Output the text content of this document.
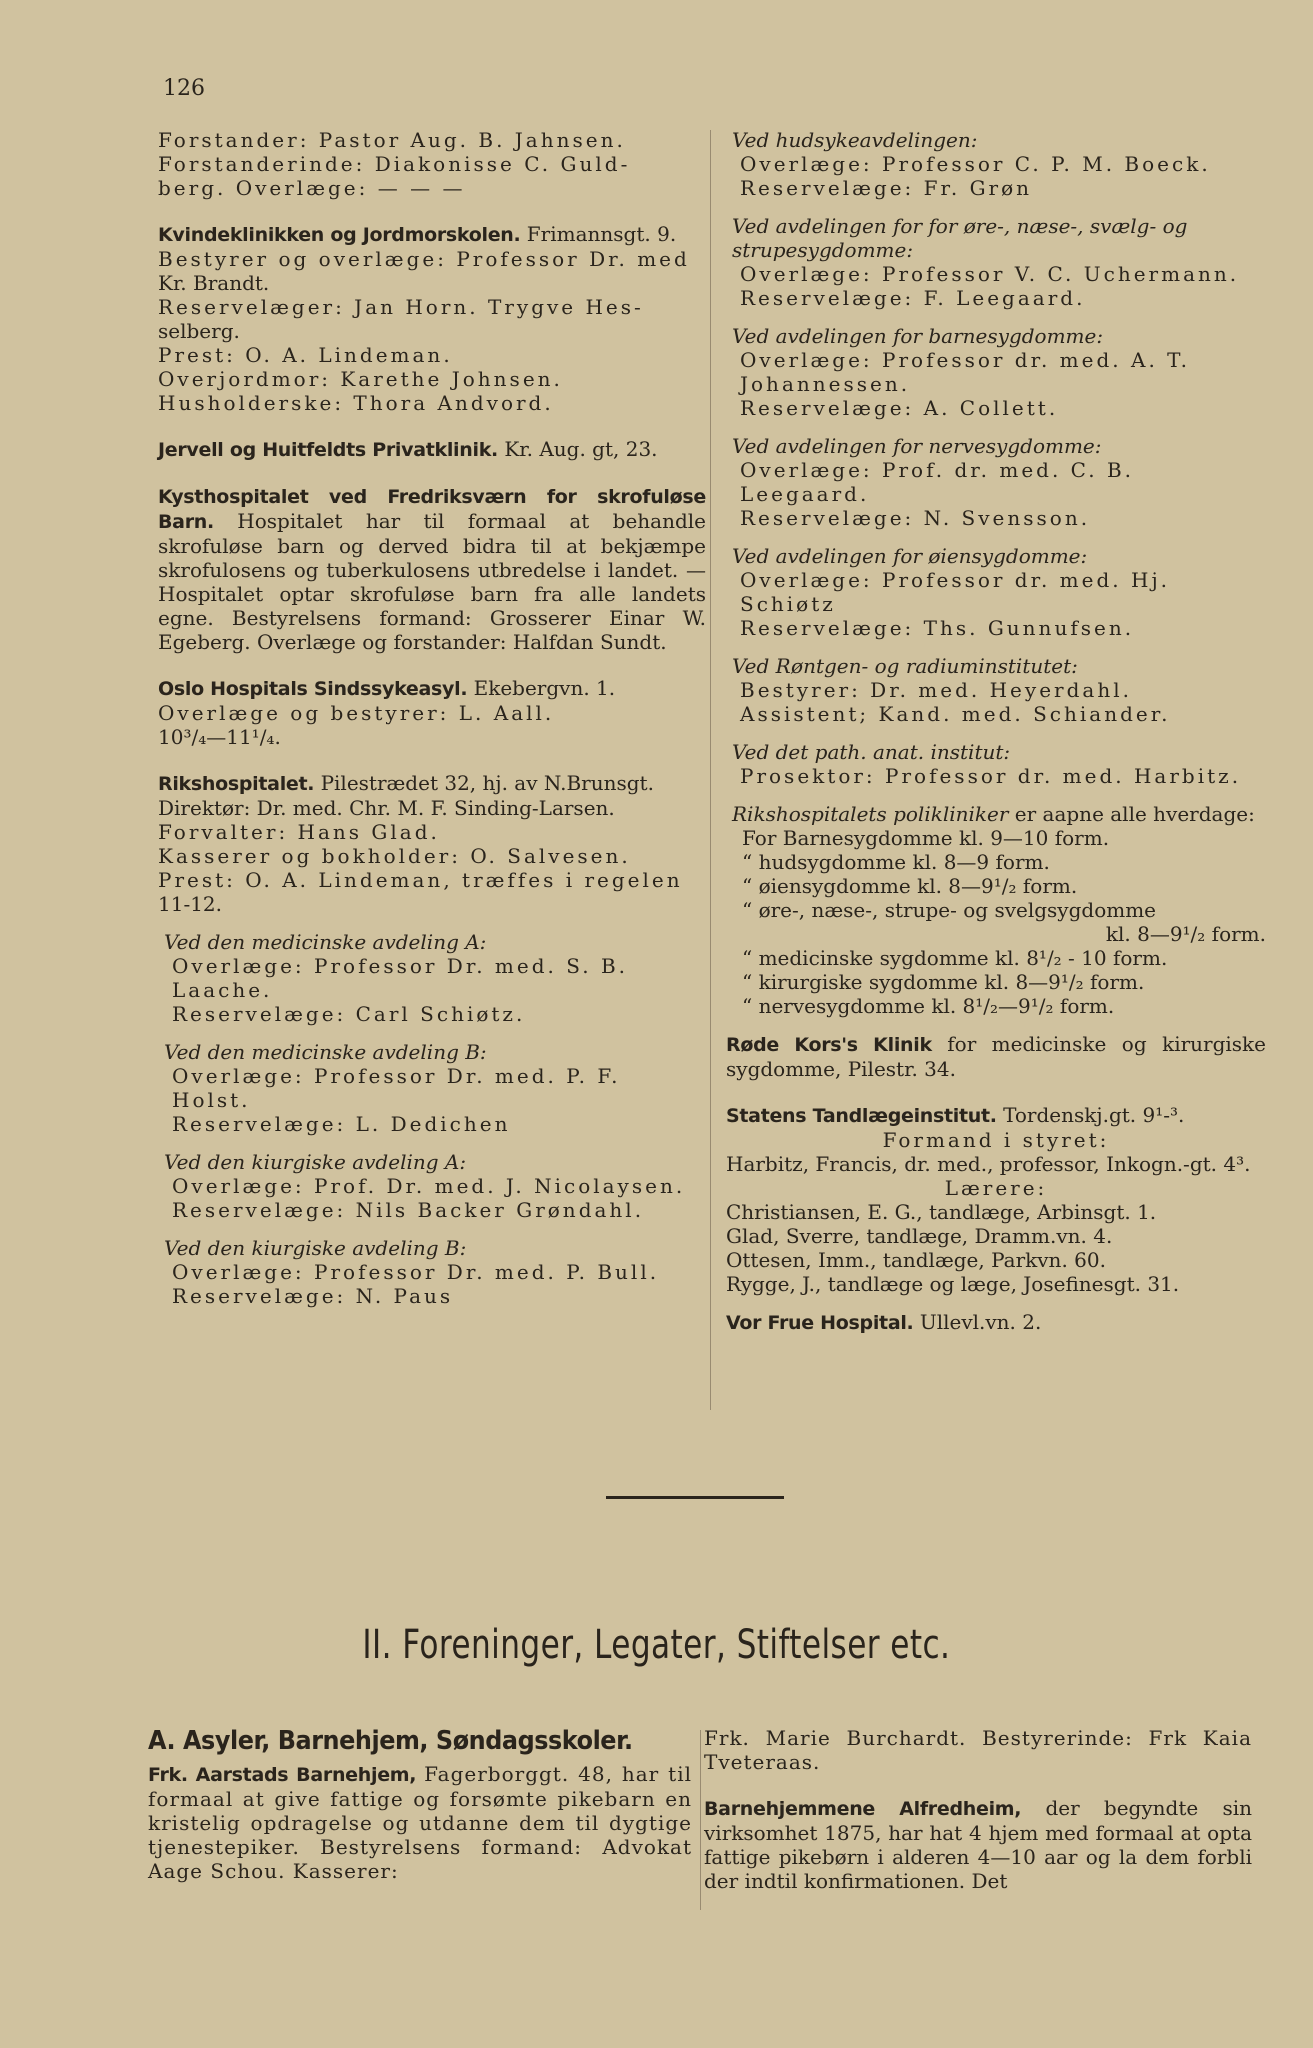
126
Forstander: Pastor Aug. B. Jahnsen.
Forstanderinde: Diakonisse C. Guld-
berg. Overlæge: — — —
Kvindeklinikken og Jordmorskolen. Frimannsgt. 9.
Bestyrer og overlæge: Professor Dr. med
Kr. Brandt.
Reservelæger: Jan Horn. Trygve Hes-
selberg.
Prest: O. A. Lindeman.
Overjordmor: Karethe Johnsen.
Husholderske: Thora Andvord.
Jervell og Huitfeldts Privatklinik. Kr. Aug. gt, 23.
Kysthospitalet ved Fredriksværn for skrofuløse Barn. Hospitalet har til formaal at behandle skrofuløse barn og derved bidra til at bekjæmpe skrofulosens og tuberkulosens utbredelse i landet. — Hospitalet optar skrofuløse barn fra alle landets egne. Bestyrelsens formand: Grosserer Einar W. Egeberg. Overlæge og forstander: Halfdan Sundt.
Oslo Hospitals Sindssykeasyl. Ekebergvn. 1.
Overlæge og bestyrer: L. Aall.
10³/₄—11¹/₄.
Rikshospitalet. Pilestrædet 32, hj. av N.Brunsgt.
Direktør: Dr. med. Chr. M. F. Sinding-Larsen.
Forvalter: Hans Glad.
Kasserer og bokholder: O. Salvesen.
Prest: O. A. Lindeman, træffes i regelen
11-12.
Ved den medicinske avdeling A:
Overlæge: Professor Dr. med. S. B. Laache.
Reservelæge: Carl Schiøtz.
Ved den medicinske avdeling B:
Overlæge: Professor Dr. med. P. F. Holst.
Reservelæge: L. Dedichen
Ved den kiurgiske avdeling A:
Overlæge: Prof. Dr. med. J. Nicolaysen.
Reservelæge: Nils Backer Grøndahl.
Ved den kiurgiske avdeling B:
Overlæge: Professor Dr. med. P. Bull.
Reservelæge: N. Paus
Ved hudsykeavdelingen:
Overlæge: Professor C. P. M. Boeck.
Reservelæge: Fr. Grøn
Ved avdelingen for for øre-, næse-, svælg- og strupesygdomme:
Overlæge: Professor V. C. Uchermann.
Reservelæge: F. Leegaard.
Ved avdelingen for barnesygdomme:
Overlæge: Professor dr. med. A. T. Johannessen.
Reservelæge: A. Collett.
Ved avdelingen for nervesygdomme:
Overlæge: Prof. dr. med. C. B. Leegaard.
Reservelæge: N. Svensson.
Ved avdelingen for øiensygdomme:
Overlæge: Professor dr. med. Hj. Schiøtz
Reservelæge: Ths. Gunnufsen.
Ved Røntgen- og radiuminstitutet:
Bestyrer: Dr. med. Heyerdahl.
Assistent; Kand. med. Schiander.
Ved det path. anat. institut:
Prosektor: Professor dr. med. Harbitz.
Rikshospitalets polikliniker er aapne alle hverdage:
For Barnesygdomme kl. 9—10 form.
“ hudsygdomme kl. 8—9 form.
“ øiensygdomme kl. 8—9¹/₂ form.
“ øre-, næse-, strupe- og svelgsygdomme
kl. 8—9¹/₂ form.
“ medicinske sygdomme kl. 8¹/₂ - 10 form.
“ kirurgiske sygdomme kl. 8—9¹/₂ form.
“ nervesygdomme kl. 8¹/₂—9¹/₂ form.
Røde Kors's Klinik for medicinske og kirurgiske sygdomme, Pilestr. 34.
Statens Tandlægeinstitut. Tordenskj.gt. 9¹-³.
Formand i styret:
Harbitz, Francis, dr. med., professor, Inkogn.-gt. 4³.
Lærere:
Christiansen, E. G., tandlæge, Arbinsgt. 1.
Glad, Sverre, tandlæge, Dramm.vn. 4.
Ottesen, Imm., tandlæge, Parkvn. 60.
Rygge, J., tandlæge og læge, Josefinesgt. 31.
Vor Frue Hospital. Ullevl.vn. 2.
II. Foreninger, Legater, Stiftelser etc.
A. Asyler, Barnehjem, Søndagsskoler.
Frk. Aarstads Barnehjem, Fagerborggt. 48, har til formaal at give fattige og forsømte pikebarn en kristelig opdragelse og utdanne dem til dygtige tjenestepiker. Bestyrelsens formand: Advokat Aage Schou. Kasserer:
Frk. Marie Burchardt. Bestyrerinde: Frk Kaia Tveteraas.
Barnehjemmene Alfredheim, der begyndte sin virksomhet 1875, har hat 4 hjem med formaal at opta fattige pikebørn i alderen 4—10 aar og la dem forbli der indtil konfirmationen. Det
